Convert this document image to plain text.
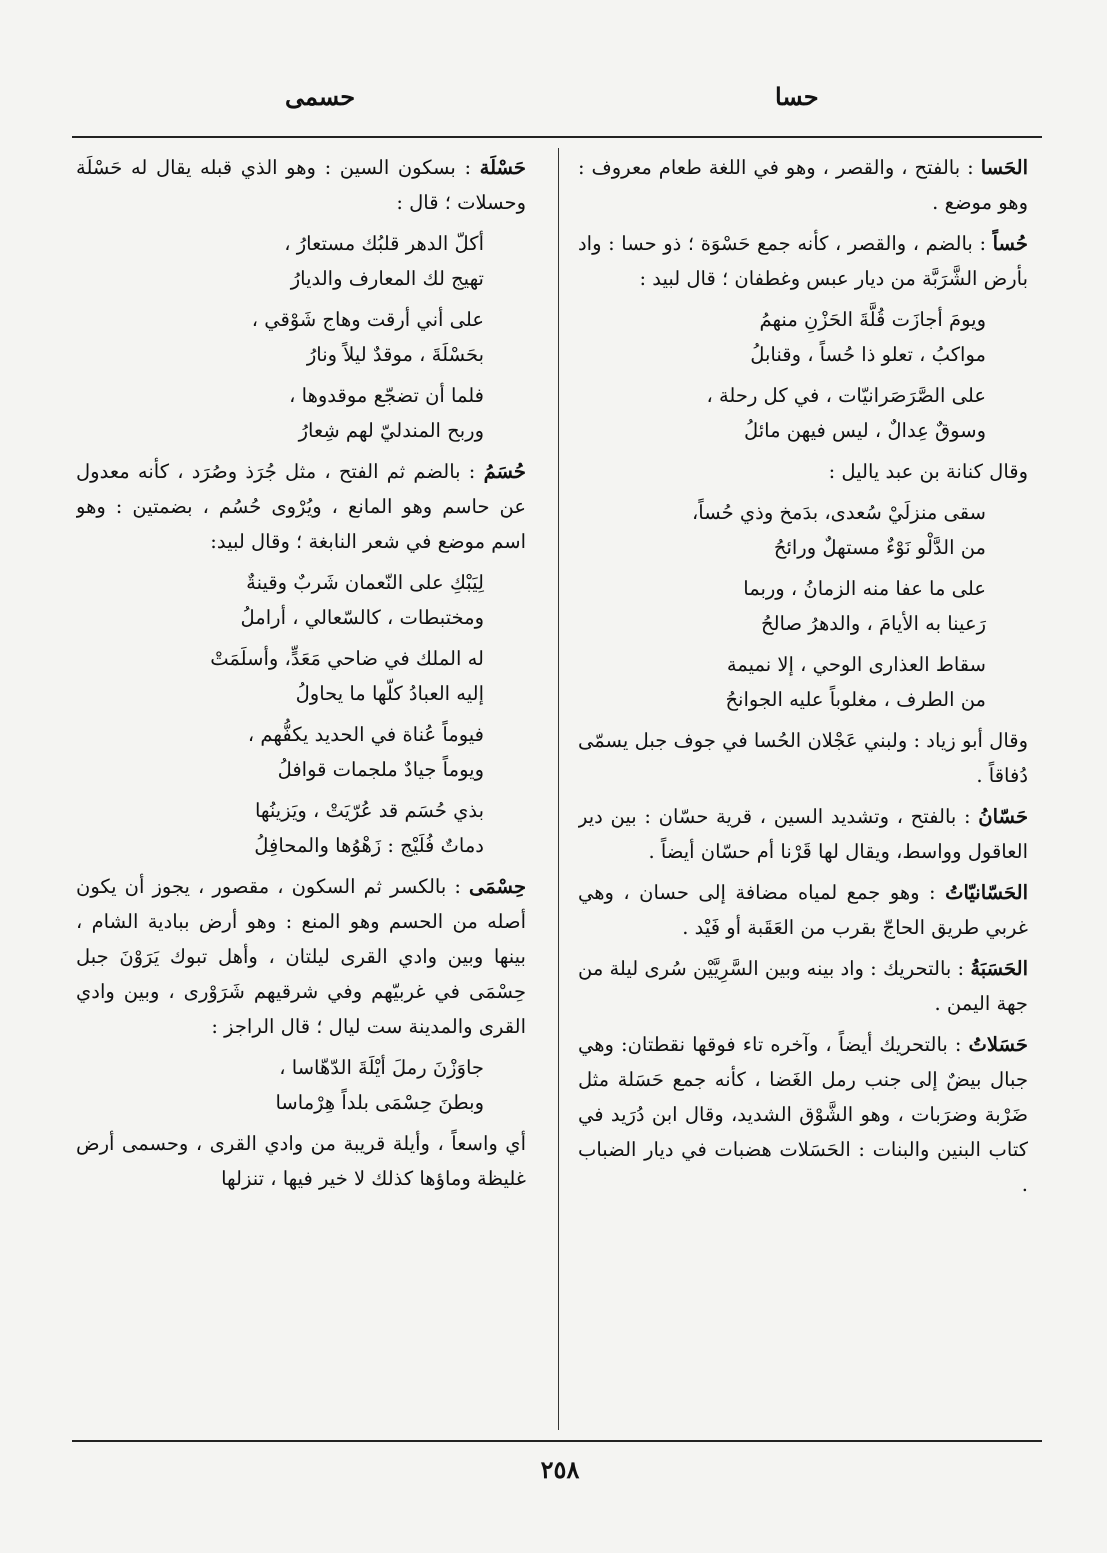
حسا
حسمى

الحَسا : بالفتح ، والقصر ، وهو في اللغة طعام معروف : وهو موضع .

حُساً : بالضم ، والقصر ، كأنه جمع حَسْوَة ؛ ذو حسا : واد بأرض الشَّرَبَّة من ديار عبس وغطفان ؛ قال لبيد :

ويومَ أجازَت قُلَّةَ الحَزْنِ منهمُ
مواكبُ ، تعلو ذا حُساً ، وقنابلُ
على الصَّرَصَرانيّات ، في كل رحلة ،
وسوقٌ عِدالٌ ، ليس فيهن مائلُ

وقال كنانة بن عبد ياليل :

سقى منزلَيْ سُعدى، بدَمخ وذي حُساً،
من الدَّلْو نَوْءٌ مستهلٌ ورائحُ
على ما عفا منه الزمانُ ، وربما
رَعينا به الأيامَ ، والدهرُ صالحُ
سقاط العذارى الوحي ، إلا نميمة
من الطرف ، مغلوباً عليه الجوانحُ

وقال أبو زياد : ولبني عَجْلان الحُسا في جوف جبل يسمّى دُفاقاً .

حَسّانُ : بالفتح ، وتشديد السين ، قرية حسّان : بين دير العاقول وواسط، ويقال لها قَرْنا أم حسّان أيضاً .

الحَسّانيّاتُ : وهو جمع لمياه مضافة إلى حسان ، وهي غربي طريق الحاجّ بقرب من العَقَبة أو فَيْد .

الحَسَبَةُ : بالتحريك : واد بينه وبين السَّرِيَّيْن سُرى ليلة من جهة اليمن .

حَسَلاتُ : بالتحريك أيضاً ، وآخره تاء فوقها نقطتان: وهي جبال بيضٌ إلى جنب رمل الغَضا ، كأنه جمع حَسَلة مثل ضَرْبة وضرَبات ، وهو الشَّوْق الشديد، وقال ابن دُرَيد في كتاب البنين والبنات : الحَسَلات هضبات في ديار الضباب .

حَسْلَة : بسكون السين : وهو الذي قبله يقال له حَسْلَة وحسلات ؛ قال :

أكلّ الدهر قلبُك مستعارُ ،
تهيج لك المعارف والديارُ
على أني أرقت وهاج شَوْقي ،
بحَسْلَةَ ، موقدٌ ليلاً ونارُ
فلما أن تضجّع موقدوها ،
وربح المندليّ لهم شِعارُ

حُسَمُ : بالضم ثم الفتح ، مثل جُرَذ وصُرَد ، كأنه معدول عن حاسم وهو المانع ، ويُرْوى حُسُم ، بضمتين : وهو اسم موضع في شعر النابغة ؛ وقال لبيد:

لِيَبْكِ على النّعمان شَربٌ وقينةٌ
ومختبطات ، كالسّعالي ، أراملُ
له الملك في ضاحي مَعَدٍّ، وأسلَمَتْ
إليه العبادُ كلّها ما يحاولُ
فيوماً عُناة في الحديد يكفُّهم ،
ويوماً جيادٌ ملجمات قوافلُ
بذي حُسَم قد عُرّيَتْ ، ويَزينُها
دماتٌ فُلَيْج : زَهْوُها والمحافِلُ

حِسْمَى : بالكسر ثم السكون ، مقصور ، يجوز أن يكون أصله من الحسم وهو المنع : وهو أرض ببادية الشام ، بينها وبين وادي القرى ليلتان ، وأهل تبوك يَرَوْنَ جبل حِسْمَى في غربيّهم وفي شرقيهم شَرَوْرى ، وبين وادي القرى والمدينة ست ليال ؛ قال الراجز :

جاوَزْنَ رملَ أيْلَةَ الدّهّاسا ،
وبطنَ حِسْمَى بلداً هِرْماسا

أي واسعاً ، وأيلة قريبة من وادي القرى ، وحسمى أرض غليظة وماؤها كذلك لا خير فيها ، تنزلها

٢٥٨
